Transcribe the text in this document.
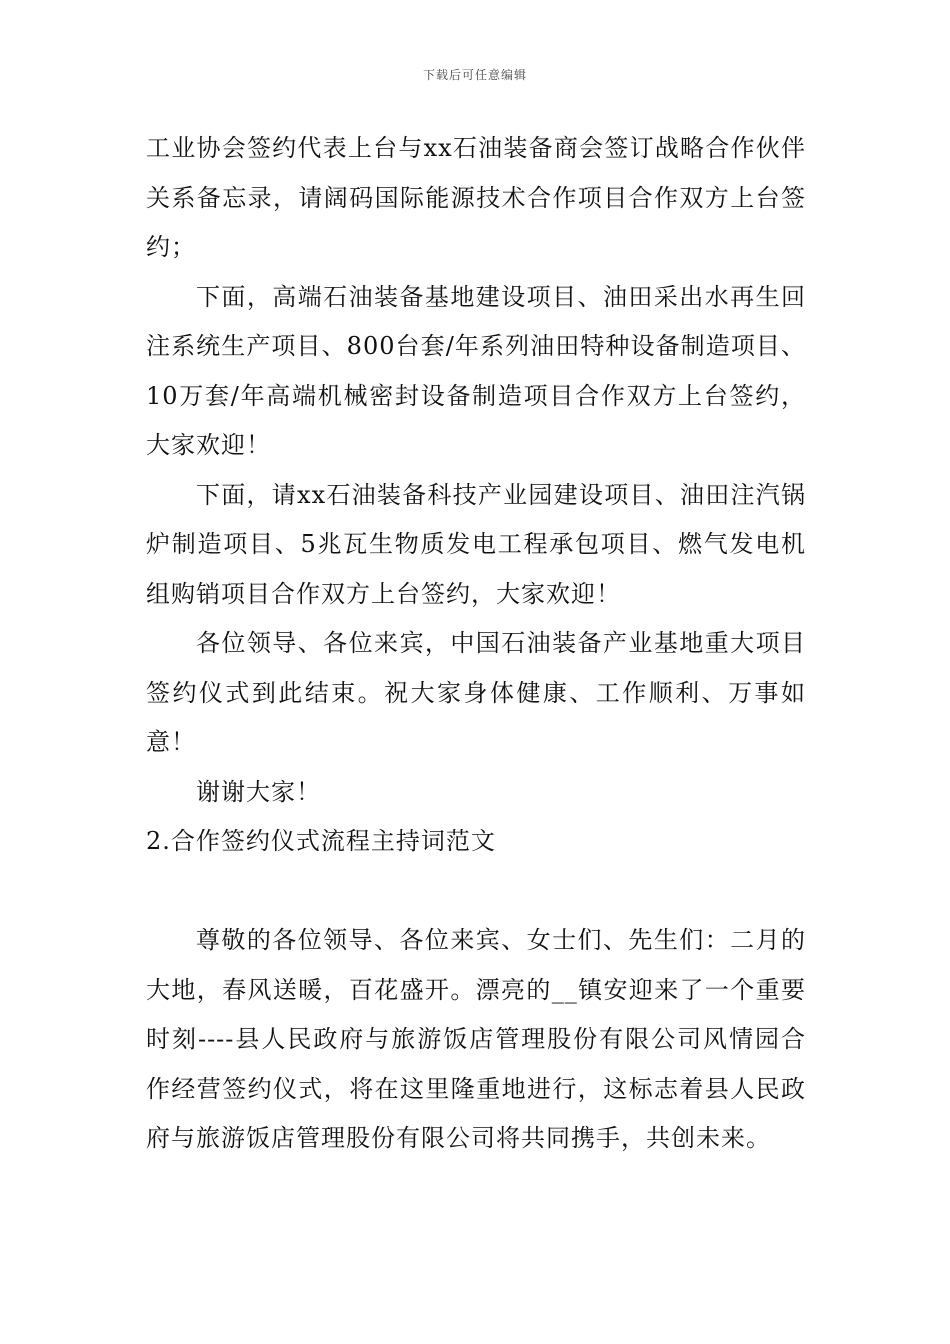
下载后可任意编辑

工业协会签约代表上台与xx石油装备商会签订战略合作伙伴关系备忘录，请阔码国际能源技术合作项目合作双方上台签约；

下面，高端石油装备基地建设项目、油田采出水再生回注系统生产项目、800台套/年系列油田特种设备制造项目、10万套/年高端机械密封设备制造项目合作双方上台签约，大家欢迎！

下面，请xx石油装备科技产业园建设项目、油田注汽锅炉制造项目、5兆瓦生物质发电工程承包项目、燃气发电机组购销项目合作双方上台签约，大家欢迎！

各位领导、各位来宾，中国石油装备产业基地重大项目签约仪式到此结束。祝大家身体健康、工作顺利、万事如意！

谢谢大家！

2.合作签约仪式流程主持词范文

尊敬的各位领导、各位来宾、女士们、先生们：二月的大地，春风送暖，百花盛开。漂亮的__镇安迎来了一个重要时刻----县人民政府与旅游饭店管理股份有限公司风情园合作经营签约仪式，将在这里隆重地进行，这标志着县人民政府与旅游饭店管理股份有限公司将共同携手，共创未来。
